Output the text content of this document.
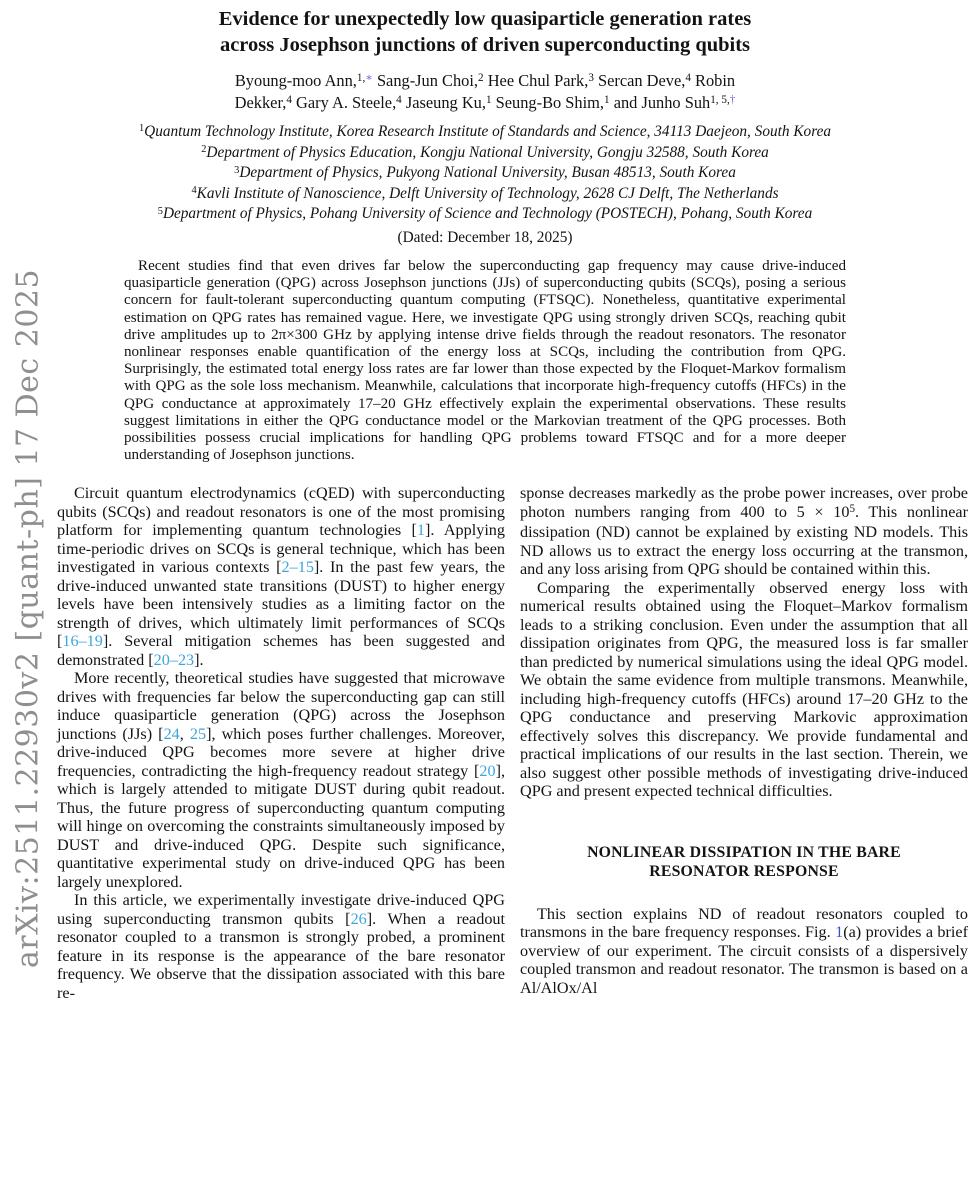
arXiv:2511.22930v2 [quant-ph] 17 Dec 2025
Evidence for unexpectedly low quasiparticle generation rates
across Josephson junctions of driven superconducting qubits
Byoung-moo Ann,$^{1,∗}$ Sang-Jun Choi,$^2$ Hee Chul Park,$^3$ Sercan Deve,$^4$ Robin
Dekker,$^4$ Gary A. Steele,$^4$ Jaseung Ku,$^1$ Seung-Bo Shim,$^1$ and Junho Suh$^{1, 5,\dagger}$
$^1$Quantum Technology Institute, Korea Research Institute of Standards and Science, 34113 Daejeon, South Korea
$^2$Department of Physics Education, Kongju National University, Gongju 32588, South Korea
$^3$Department of Physics, Pukyong National University, Busan 48513, South Korea
$^4$Kavli Institute of Nanoscience, Delft University of Technology, 2628 CJ Delft, The Netherlands
$^5$Department of Physics, Pohang University of Science and Technology (POSTECH), Pohang, South Korea
(Dated: December 18, 2025)
Recent studies find that even drives far below the superconducting gap frequency may cause drive-induced quasiparticle generation (QPG) across Josephson junctions (JJs) of superconducting qubits (SCQs), posing a serious concern for fault-tolerant superconducting quantum computing (FTSQC). Nonetheless, quantitative experimental estimation on QPG rates has remained vague. Here, we investigate QPG using strongly driven SCQs, reaching qubit drive amplitudes up to 2π×300 GHz by applying intense drive fields through the readout resonators. The resonator nonlinear responses enable quantification of the energy loss at SCQs, including the contribution from QPG. Surprisingly, the estimated total energy loss rates are far lower than those expected by the Floquet-Markov formalism with QPG as the sole loss mechanism. Meanwhile, calculations that incorporate high-frequency cutoffs (HFCs) in the QPG conductance at approximately 17–20 GHz effectively explain the experimental observations. These results suggest limitations in either the QPG conductance model or the Markovian treatment of the QPG processes. Both possibilities possess crucial implications for handling QPG problems toward FTSQC and for a more deeper understanding of Josephson junctions.

Circuit quantum electrodynamics (cQED) with superconducting qubits (SCQs) and readout resonators is one of the most promising platform for implementing quantum technologies [1]. Applying time-periodic drives on SCQs is general technique, which has been investigated in various contexts [2–15]. In the past few years, the drive-induced unwanted state transitions (DUST) to higher energy levels have been intensively studies as a limiting factor on the strength of drives, which ultimately limit performances of SCQs [16–19]. Several mitigation schemes has been suggested and demonstrated [20–23].

More recently, theoretical studies have suggested that microwave drives with frequencies far below the superconducting gap can still induce quasiparticle generation (QPG) across the Josephson junctions (JJs) [24, 25], which poses further challenges. Moreover, drive-induced QPG becomes more severe at higher drive frequencies, contradicting the high-frequency readout strategy [20], which is largely attended to mitigate DUST during qubit readout. Thus, the future progress of superconducting quantum computing will hinge on overcoming the constraints simultaneously imposed by DUST and drive-induced QPG. Despite such significance, quantitative experimental study on drive-induced QPG has been largely unexplored.

In this article, we experimentally investigate drive-induced QPG using superconducting transmon qubits [26]. When a readout resonator coupled to a transmon is strongly probed, a prominent feature in its response is the appearance of the bare resonator frequency. We observe that the dissipation associated with this bare re-

sponse decreases markedly as the probe power increases, over probe photon numbers ranging from 400 to $5 \times 10^5$. This nonlinear dissipation (ND) cannot be explained by existing ND models. This ND allows us to extract the energy loss occurring at the transmon, and any loss arising from QPG should be contained within this.

Comparing the experimentally observed energy loss with numerical results obtained using the Floquet–Markov formalism leads to a striking conclusion. Even under the assumption that all dissipation originates from QPG, the measured loss is far smaller than predicted by numerical simulations using the ideal QPG model. We obtain the same evidence from multiple transmons. Meanwhile, including high-frequency cutoffs (HFCs) around 17–20 GHz to the QPG conductance and preserving Markovic approximation effectively solves this discrepancy. We provide fundamental and practical implications of our results in the last section. Therein, we also suggest other possible methods of investigating drive-induced QPG and present expected technical difficulties.

NONLINEAR DISSIPATION IN THE BARE RESONATOR RESPONSE

This section explains ND of readout resonators coupled to transmons in the bare frequency responses. Fig. 1(a) provides a brief overview of our experiment. The circuit consists of a dispersively coupled transmon and readout resonator. The transmon is based on a Al/AlOx/Al
